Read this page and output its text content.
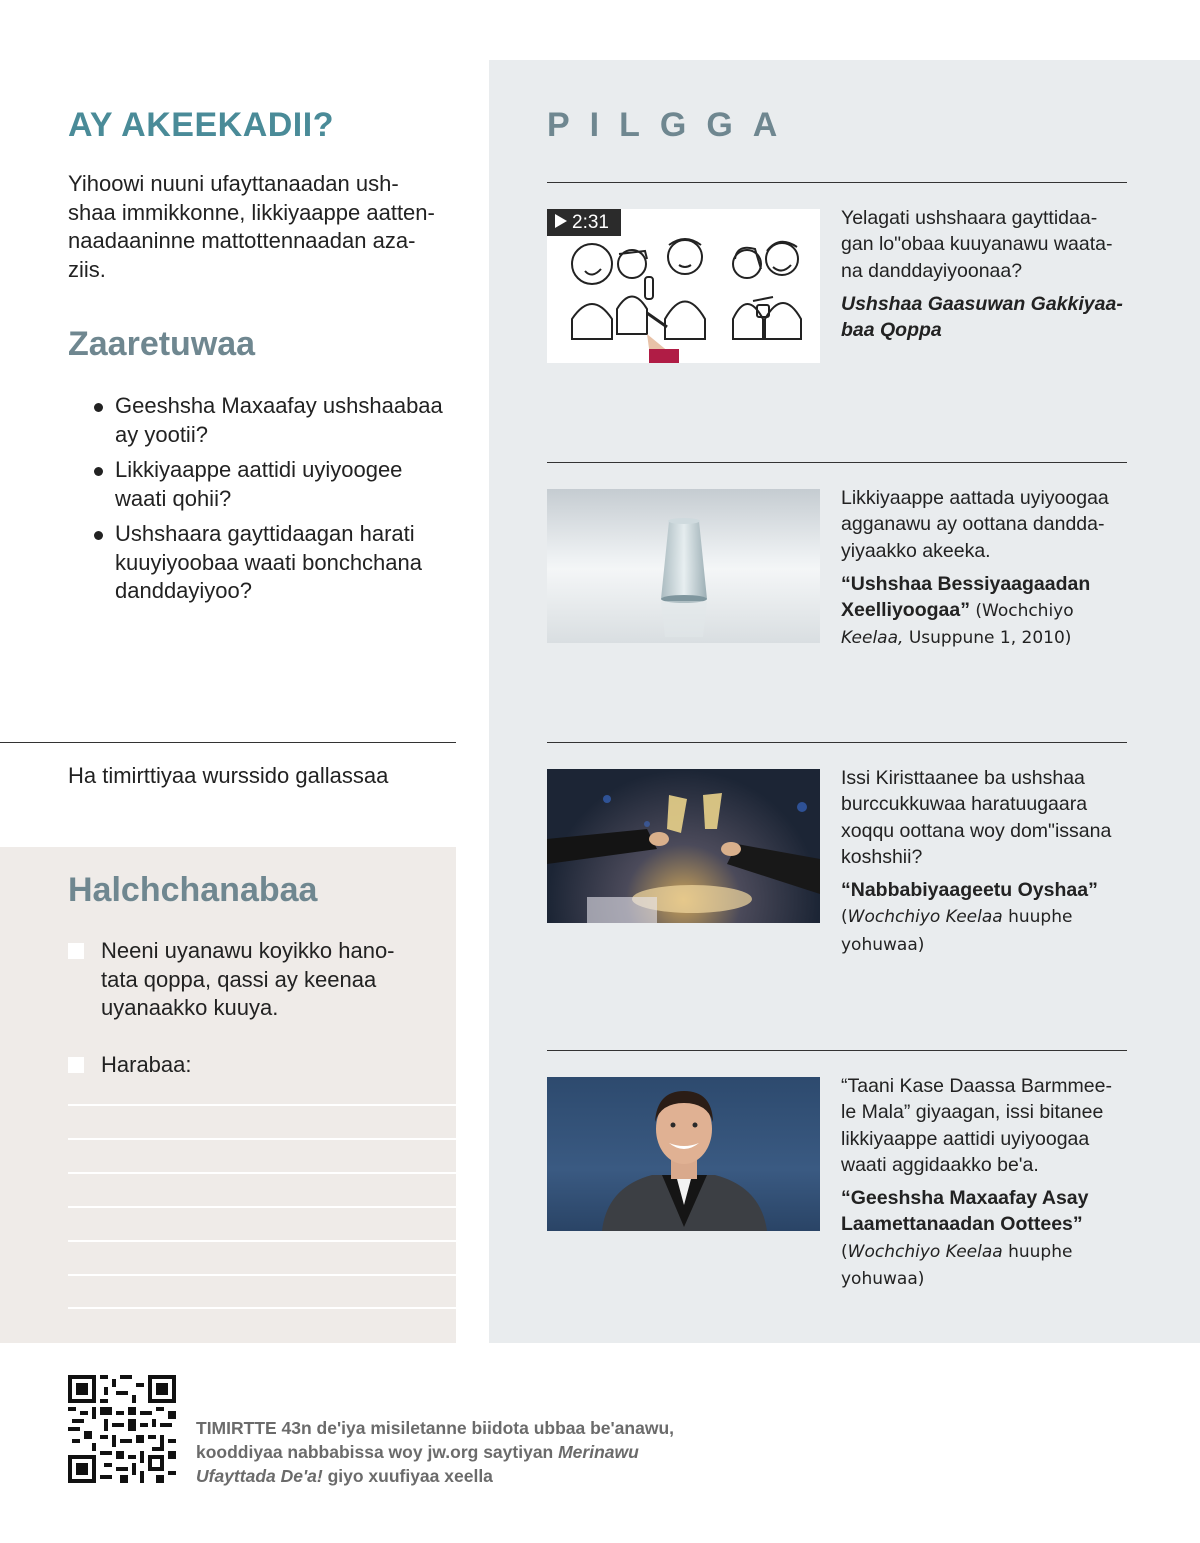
AY AKEEKADII?
Yihoowi nuuni ufayttanaadan ush-
shaa immikkonne, likkiyaappe aatten-
naadaaninne mattottennaadan aza-
ziis.
Zaaretuwaa
Geeshsha Maxaafay ushshaabaa
ay yootii?
Likkiyaappe aattidi uyiyoogee
waati qohii?
Ushshaara gayttidaagan harati
kuuyiyoobaa waati bonchchana
danddayiyoo?
Ha timirttiyaa wurssido gallassaa
Halchchanabaa
Neeni uyanawu koyikko hano-
tata qoppa, qassi ay keenaa
uyanaakko kuuya.
Harabaa:
PILGGA
2:31	Yelagati ushshaara gayttidaa-
gan lo"obaa kuuyanawu waata-
na danddayiyoonaa?
Ushshaa Gaasuwan Gakkiyaa-
baa Qoppa
Likkiyaappe aattada uyiyoogaa
agganawu ay oottana dandda-
yiyaakko akeeka.
“Ushshaa Bessiyaagaadan
Xeelliyoogaa” (Wochchiyo
Keelaa, Usuppune 1, 2010)
Issi Kiristtaanee ba ushshaa
burccukkuwaa haratuugaara
xoqqu oottana woy dom"issana
koshshii?
“Nabbabiyaageetu Oyshaa”
(Wochchiyo Keelaa huuphe
yohuwaa)
“Taani Kase Daassa Barmmee-
le Mala” giyaagan, issi bitanee
likkiyaappe aattidi uyiyoogaa
waati aggidaakko be'a.
“Geeshsha Maxaafay Asay
Laamettanaadan Oottees”
(Wochchiyo Keelaa huuphe
yohuwaa)
TIMIRTTE 43n de'iya misiletanne biidota ubbaa be'anawu,
kooddiyaa nabbabissa woy jw.org saytiyan Merinawu
Ufayttada De'a! giyo xuufiyaa xeella
